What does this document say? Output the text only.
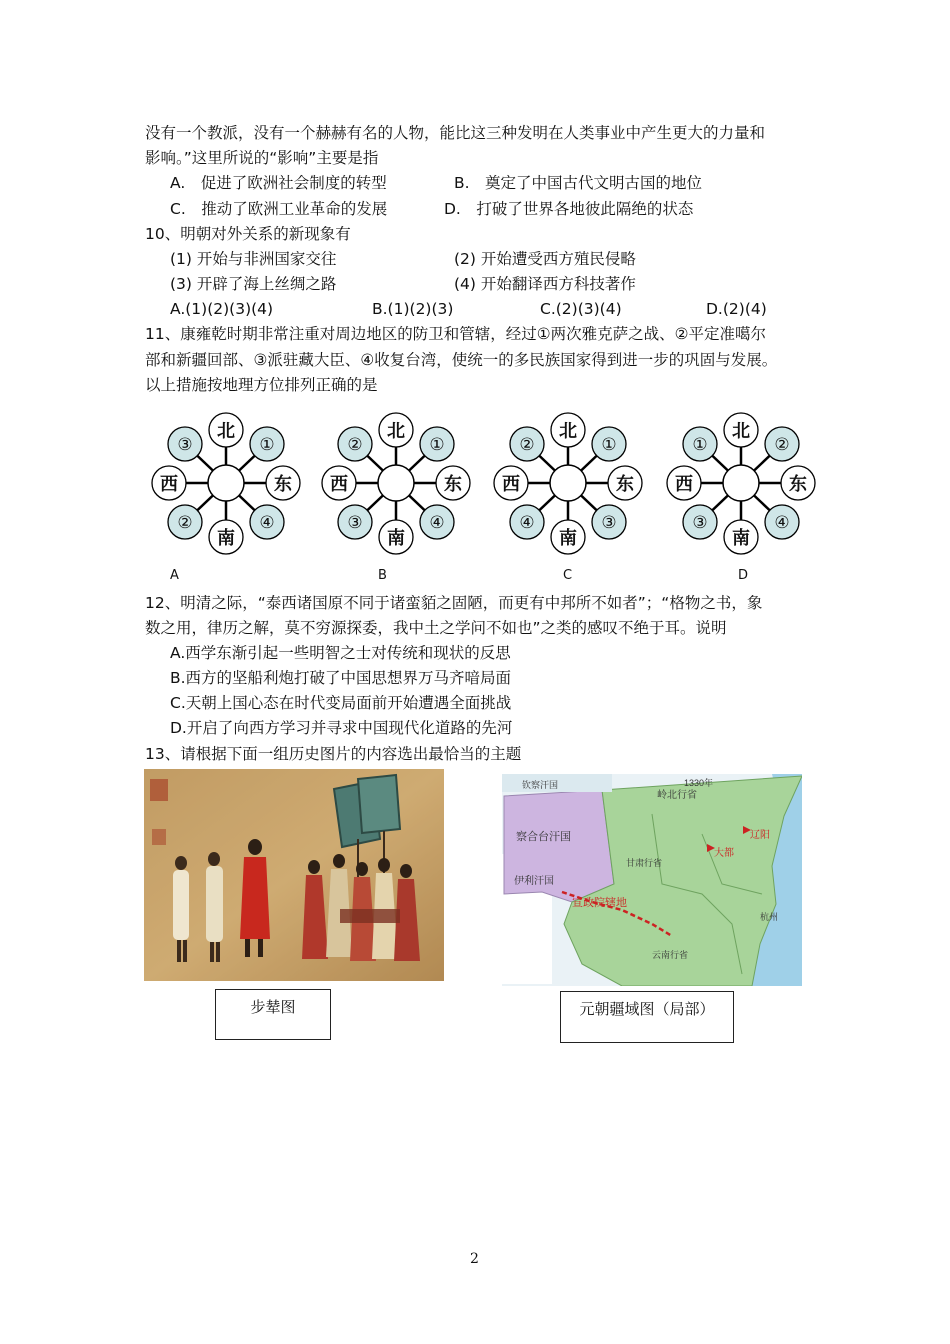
没有一个教派，没有一个赫赫有名的人物，能比这三种发明在人类事业中产生更大的力量和
影响。”这里所说的“影响”主要是指
A.　促进了欧洲社会制度的转型	B.　奠定了中国古代文明古国的地位
C.　推动了欧洲工业革命的发展	D.　打破了世界各地彼此隔绝的状态
10、明朝对外关系的新现象有
(1) 开始与非洲国家交往	(2) 开始遭受西方殖民侵略
(3) 开辟了海上丝绸之路	(4) 开始翻译西方科技著作
A.(1)(2)(3)(4)	B.(1)(2)(3)	C.(2)(3)(4)	D.(2)(4)
11、康雍乾时期非常注重对周边地区的防卫和管辖，经过①两次雅克萨之战、②平定准噶尔
部和新疆回部、③派驻藏大臣、④收复台湾，使统一的多民族国家得到进一步的巩固与发展。
以上措施按地理方位排列正确的是
北
南
西	东
③	①
②	④
北
南
西	东
②	①
③	④
北
南
西	东
②	①
④	③
北
南
西	东
①	②
③	④
A	B	C	D
12、明清之际，“泰西诸国原不同于诸蛮貊之固陋，而更有中邦所不如者”；“格物之书，象
数之用，律历之解，莫不穷源探委，我中土之学问不如也”之类的感叹不绝于耳。说明
A.西学东渐引起一些明智之士对传统和现状的反思
B.西方的坚船利炮打破了中国思想界万马齐喑局面
C.天朝上国心态在时代变局面前开始遭遇全面挑战
D.开启了向西方学习并寻求中国现代化道路的先河
13、请根据下面一组历史图片的内容选出最恰当的主题
钦察汗国
察合台汗国
伊利汗国
宣政院辖地
岭北行省
1330年
辽阳
大都
甘肃行省
杭州
云南行省
步辇图	元朝疆域图（局部）
2
